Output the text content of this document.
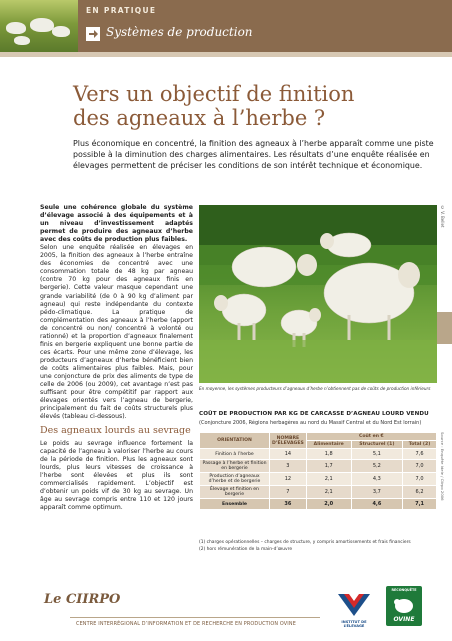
EN PRATIQUE
Systèmes de production
Vers un objectif de finition
des agneaux à l’herbe ?
Plus économique en concentré, la finition des agneaux à l’herbe apparaît comme une piste possible à la diminution des charges alimentaires. Les résultats d’une enquête réalisée en élevages permettent de préciser les conditions de son intérêt technique et économique.

Seule une cohérence globale du système d’élevage associé à des équipements et à un niveau d’investissement adaptés permet de produire des agneaux d’herbe avec des coûts de production plus faibles.

Selon une enquête réalisée en élevages en 2005, la finition des agneaux à l’herbe entraîne des économies de concentré avec une consommation totale de 48 kg par agneau (contre 70 kg pour des agneaux finis en bergerie). Cette valeur masque cependant une grande variabilité (de 0 à 90 kg d’aliment par agneau) qui reste indépendante du contexte pédo-climatique. La pratique de complémentation des agneaux à l’herbe (apport de concentré ou non/ concentré à volonté ou rationné) et la proportion d’agneaux finalement finis en bergerie expliquent une bonne partie de ces écarts. Pour une même zone d’élevage, les producteurs d’agneaux d’herbe bénéficient bien de coûts alimentaires plus faibles. Mais, pour une conjoncture de prix des aliments de type de celle de 2006 (ou 2009), cet avantage n’est pas suffisant pour être compétitif par rapport aux élevages orientés vers l’agneau de bergerie, principalement du fait de coûts structurels plus élevés (tableau ci-dessous).

Des agneaux lourds au sevrage

Le poids au sevrage influence fortement la capacité de l’agneau à valoriser l’herbe au cours de la période de finition. Plus les agneaux sont lourds, plus leurs vitesses de croissance à l’herbe sont élevées et plus ils sont commercialisés rapidement. L’objectif est d’obtenir un poids vif de 30 kg au sevrage. Un âge au sevrage compris entre 110 et 120 jours apparaît comme optimum.

© V. Bellet
En moyenne, les systèmes producteurs d’agneaux d’herbe n’obtiennent pas de coûts de production inférieurs
COÛT DE PRODUCTION PAR KG DE CARCASSE D’AGNEAU LOURD VENDU
(Conjoncture 2006, Régions herbagères au nord du Massif Central et du Nord Est lorrain)
Source : Enquête Idele / Ciirpo 2006
ORIENTATION	NOMBRE D’ÉLEVAGES	Coût en €		
		Alimentaire	Structurel (1)	Total (2)
Finition à l’herbe	14	1,8	5,1	7,6
Passage à l’herbe et finition en bergerie	3	1,7	5,2	7,0
Production d’agneaux d’herbe et de bergerie	12	2,1	4,3	7,0
Élevage et finition en bergerie	7	2,1	3,7	6,2
Ensemble	36	2,0	4,6	7,1
(1) charges opérationnelles – charges de structure, y compris amortissements et frais financiers
(2) hors rémunération de la main-d’œuvre
Le CIIRPO
CENTRE INTERRÉGIONAL D’INFORMATION ET DE RECHERCHE EN PRODUCTION OVINE	INSTITUT DE L’ÉLEVAGE
RECONQUÊTE
OVINE
